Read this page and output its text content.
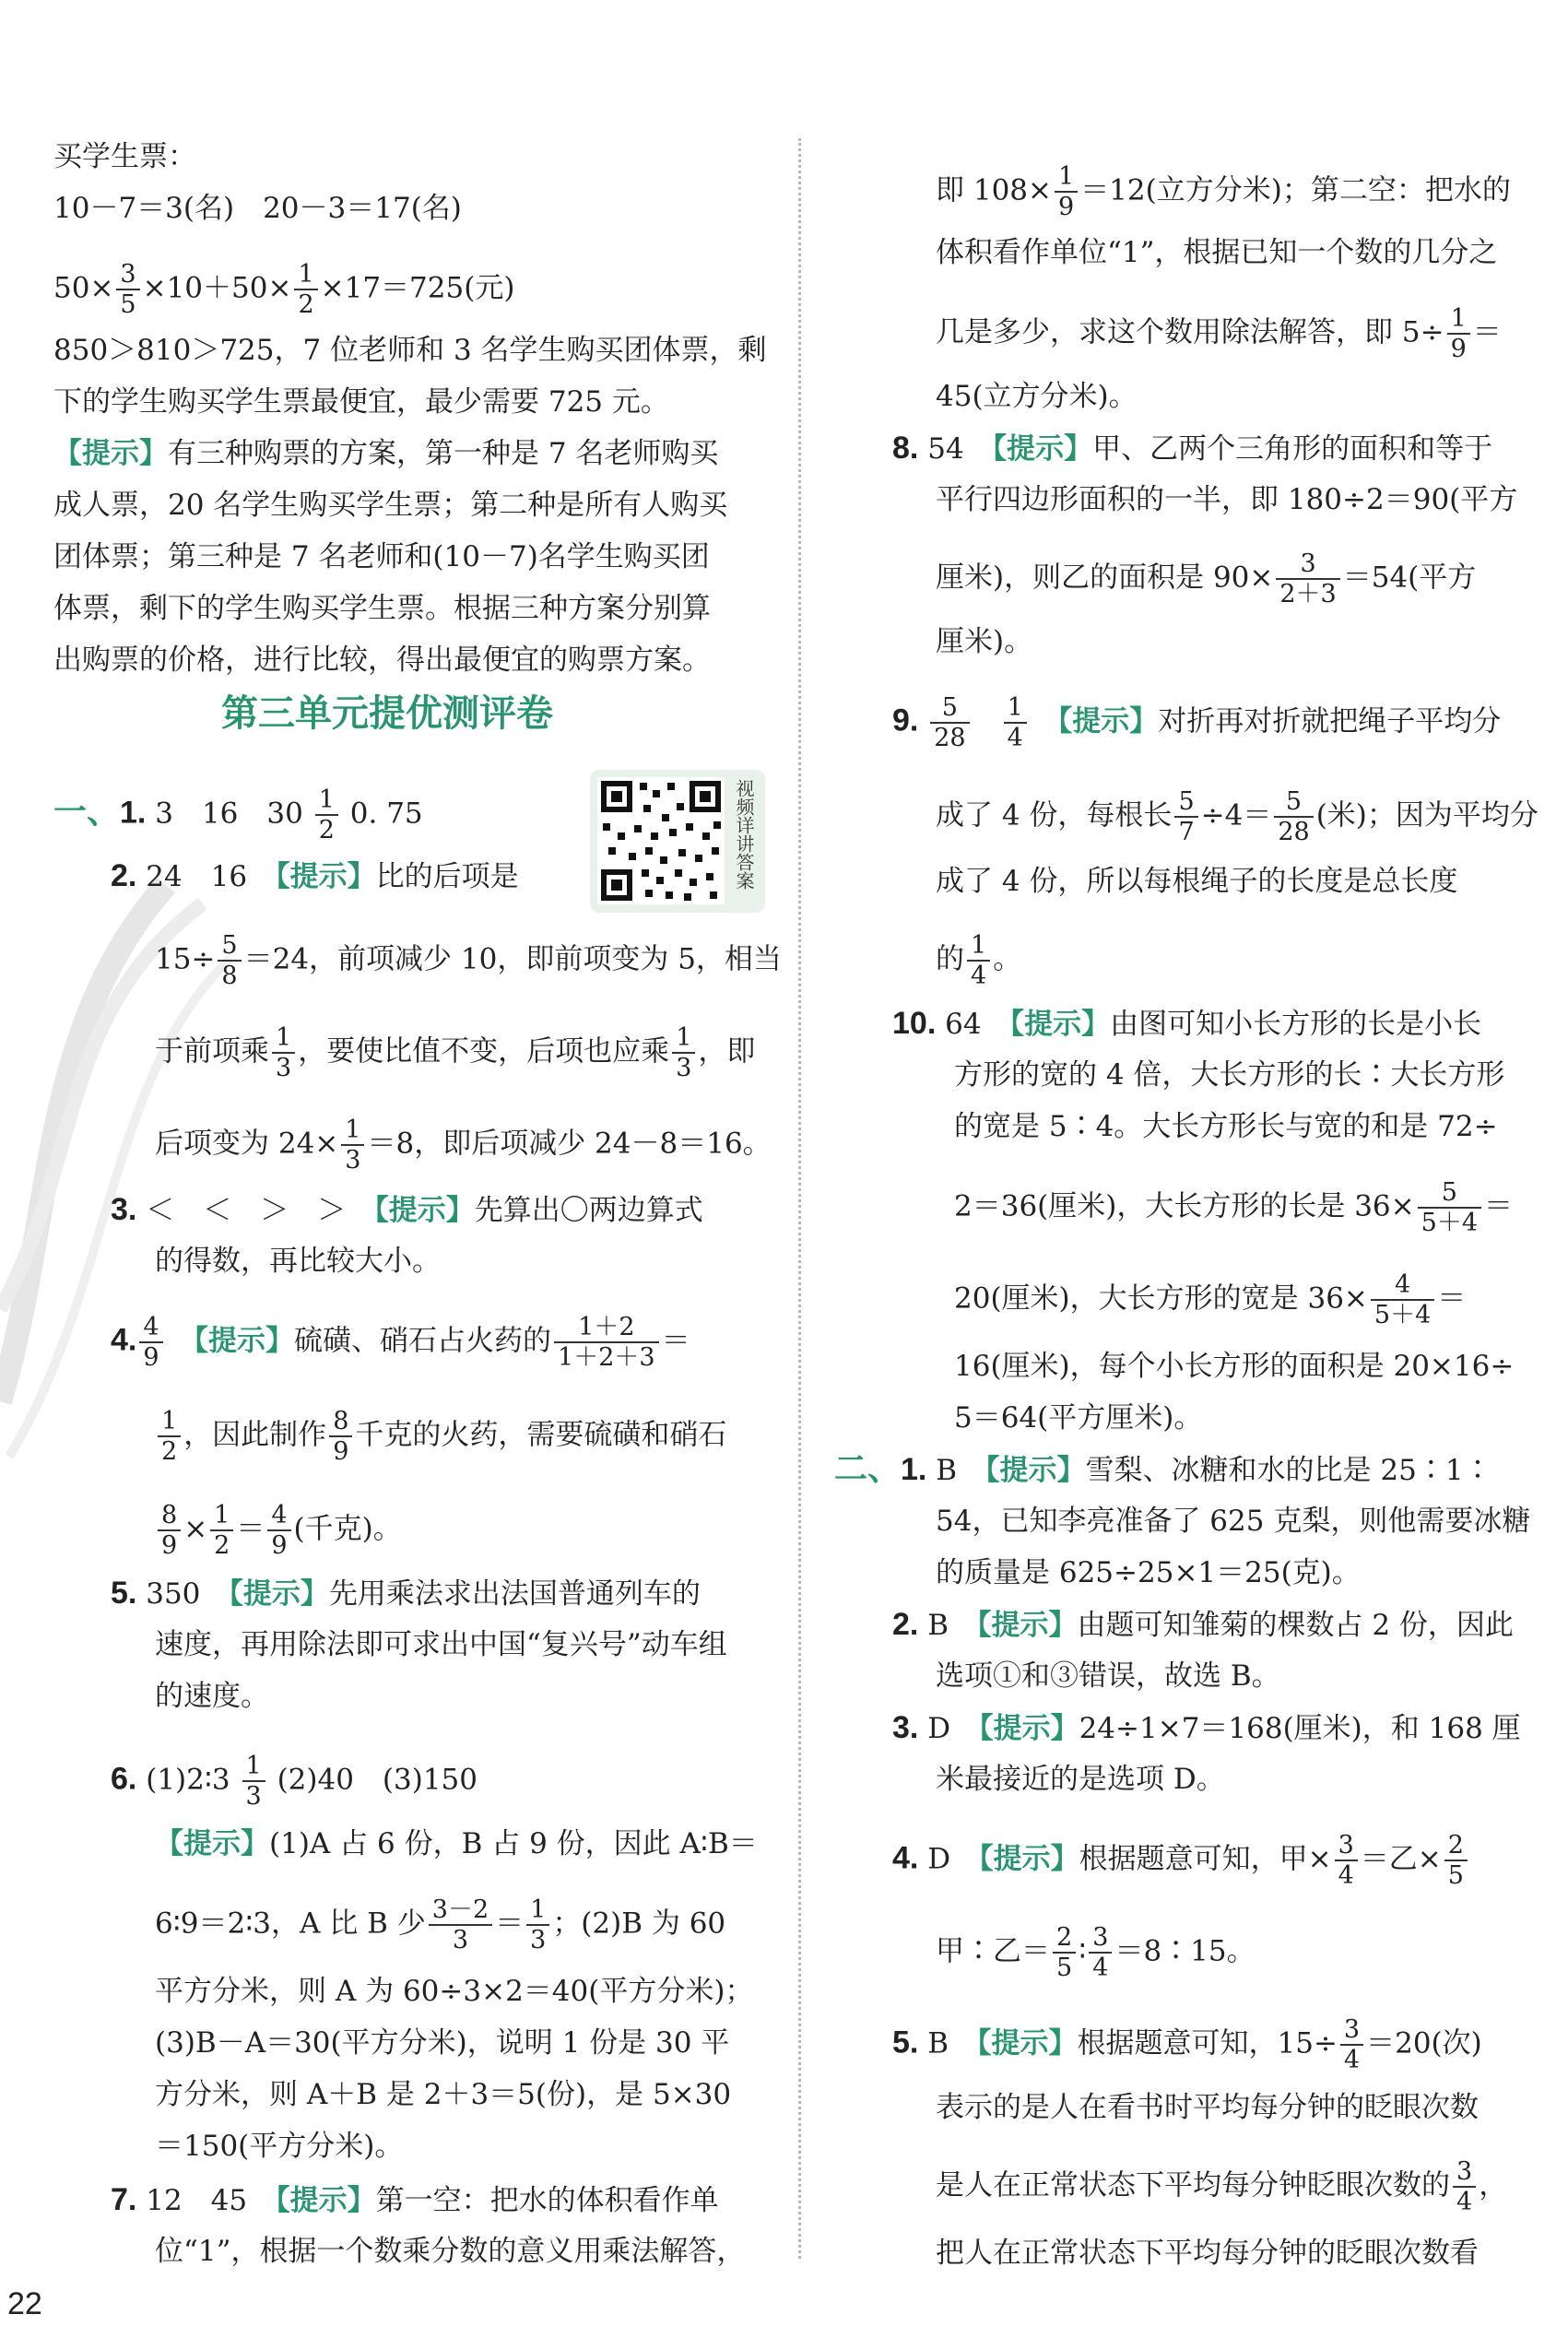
买学生票：
10－7＝3(名)　20－3＝17(名)
$50\times \frac{3}{5} \times 10+50\times \frac{1}{2} \times 17=725$(元)
850＞810＞725，7 位老师和 3 名学生购买团体票，剩
下的学生购买学生票最便宜，最少需要 725 元。
【提示】有三种购票的方案，第一种是 7 名老师购买
成人票，20 名学生购买学生票；第二种是所有人购买
团体票；第三种是 7 名老师和(10－7)名学生购买团
体票，剩下的学生购买学生票。根据三种方案分别算
出购票的价格，进行比较，得出最便宜的购票方案。
第三单元提优测评卷
视频详讲答案
一、1. 3　16　$30 \frac{1}{2} 0$. 75
2. 24　16　 【提示】比的后项是
$15\div \frac{5}{8} =24$，前项减少 10，即前项变为 5，相当
于前项乘 $\frac{1}{3}$ ，要使比值不变，后项也应乘 $\frac{1}{3}$ ，即
后项变为 $24\times \frac{1}{3} =8$，即后项减少 24－8＝16。
3. ＜　＜　＞　＞　 【提示】先算出〇两边算式
的得数，再比较大小。
4. $\frac{4}{9}$
　 【提示】硫磺、硝石占火药的 $\frac{1+2}{1+2+3}$ ＝
$\frac{1}{2}$ ，因此制作 $\frac{8}{9}$ 千克的火药，需要硫磺和硝石
$\frac{8}{9} \times \frac{1}{2} = \frac{4}{9}$ (千克)。
5. 350　 【提示】先用乘法求出法国普通列车的
速度，再用除法即可求出中国“复兴号”动车组
的速度。
6. (1)2∶3 $\frac{1}{3} (2)40$　(3)150
【提示】(1)A 占 6 份，B 占 9 份，因此 A∶B＝
6∶9＝2∶3，A 比 B 少 $\frac{3-2}{3} = \frac{1}{3}$ ；(2)B 为 60
平方分米，则 A 为 60÷3×2＝40(平方分米)；
(3)B－A＝30(平方分米)，说明 1 份是 30 平
方分米，则 A＋B 是 2＋3＝5(份)，是 5×30
＝150(平方分米)。
7. 12　45　 【提示】第一空：把水的体积看作单
位“1”，根据一个数乘分数的意义用乘法解答，
即 $108\times \frac{1}{9} =12$(立方分米)；第二空：把水的
体积看作单位“1”，根据已知一个数的几分之
几是多少，求这个数用除法解答，即 $5\div \frac{1}{9}$ ＝
45(立方分米)。
8. 54　 【提示】甲、乙两个三角形的面积和等于
平行四边形面积的一半，即 180÷2＝90(平方
厘米)，则乙的面积是 $90\times \frac{3}{2+3} =54$(平方
厘米)。
9. $\frac{5}{28}$
　 $\frac{1}{4}$
　 【提示】对折再对折就把绳子平均分
成了 4 份，每根长 $\frac{5}{7} \div 4= \frac{5}{28}$ (米)；因为平均分
成了 4 份，所以每根绳子的长度是总长度
的 $\frac{1}{4}$ 。
10. 64　 【提示】由图可知小长方形的长是小长
方形的宽的 4 倍，大长方形的长∶大长方形
的宽是 5∶4。大长方形长与宽的和是 72÷
2＝36(厘米)，大长方形的长是 $36\times \frac{5}{5+4}$ ＝
20(厘米)，大长方形的宽是 $36\times \frac{4}{5+4}$ ＝
16(厘米)，每个小长方形的面积是 20×16÷
5＝64(平方厘米)。
二、1. B　 【提示】雪梨、冰糖和水的比是 25∶1∶
54，已知李亮准备了 625 克梨，则他需要冰糖
的质量是 625÷25×1＝25(克)。
2. B　 【提示】由题可知雏菊的棵数占 2 份，因此
选项①和③错误，故选 B。
3. D　 【提示】24÷1×7＝168(厘米)，和 168 厘
米最接近的是选项 D。
4. D　 【提示】根据题意可知，甲× $\frac{3}{4}$ ＝乙× $\frac{2}{5}$
甲∶乙＝ $\frac{2}{5}$ ∶ $\frac{3}{4}$ ＝8∶15。
5. B　 【提示】根据题意可知，$15\div \frac{3}{4} =20$(次)
表示的是人在看书时平均每分钟的眨眼次数
是人在正常状态下平均每分钟眨眼次数的 $\frac{3}{4}$ ，
把人在正常状态下平均每分钟的眨眼次数看
22
